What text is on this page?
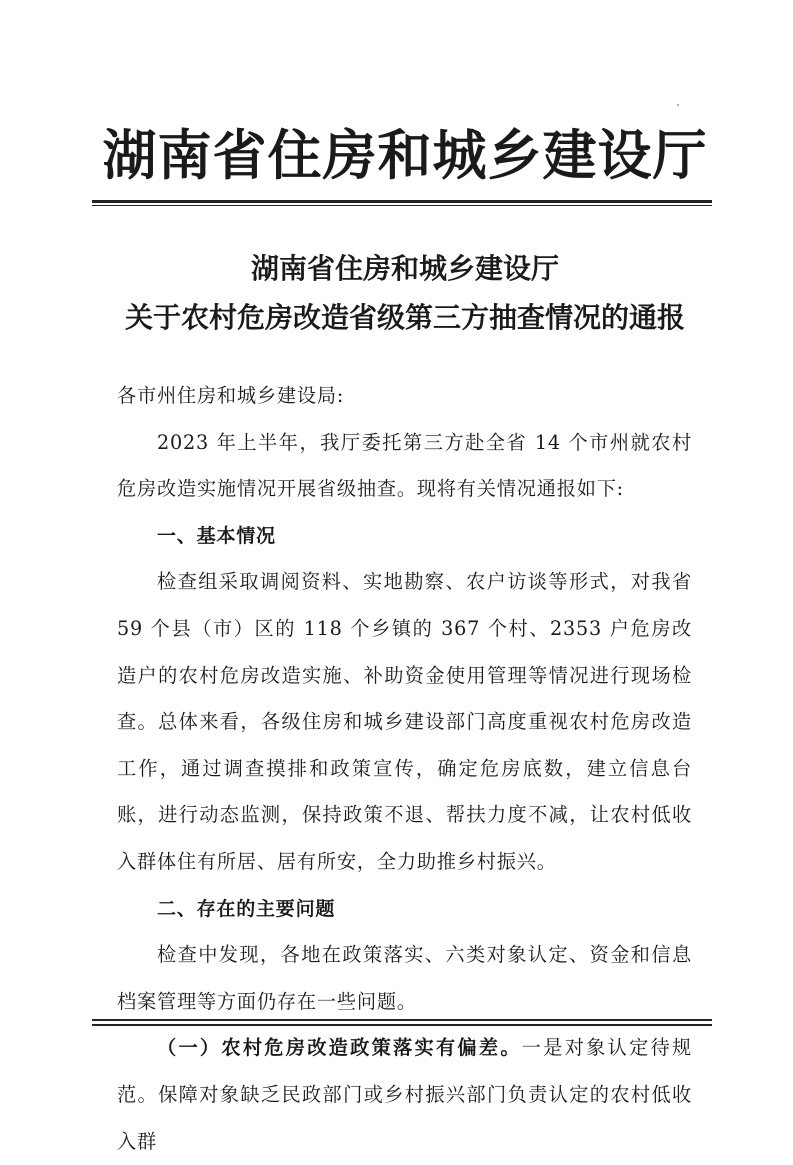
湖南省住房和城乡建设厅
湖南省住房和城乡建设厅
关于农村危房改造省级第三方抽查情况的通报

各市州住房和城乡建设局:

2023 年上半年，我厅委托第三方赴全省 14 个市州就农村危房改造实施情况开展省级抽查。现将有关情况通报如下:

一、基本情况

检查组采取调阅资料、实地勘察、农户访谈等形式，对我省 59 个县（市）区的 118 个乡镇的 367 个村、2353 户危房改造户的农村危房改造实施、补助资金使用管理等情况进行现场检查。总体来看，各级住房和城乡建设部门高度重视农村危房改造工作，通过调查摸排和政策宣传，确定危房底数，建立信息台账，进行动态监测，保持政策不退、帮扶力度不减，让农村低收入群体住有所居、居有所安，全力助推乡村振兴。

二、存在的主要问题

检查中发现，各地在政策落实、六类对象认定、资金和信息档案管理等方面仍存在一些问题。

（一）农村危房改造政策落实有偏差。一是对象认定待规范。保障对象缺乏民政部门或乡村振兴部门负责认定的农村低收入群
